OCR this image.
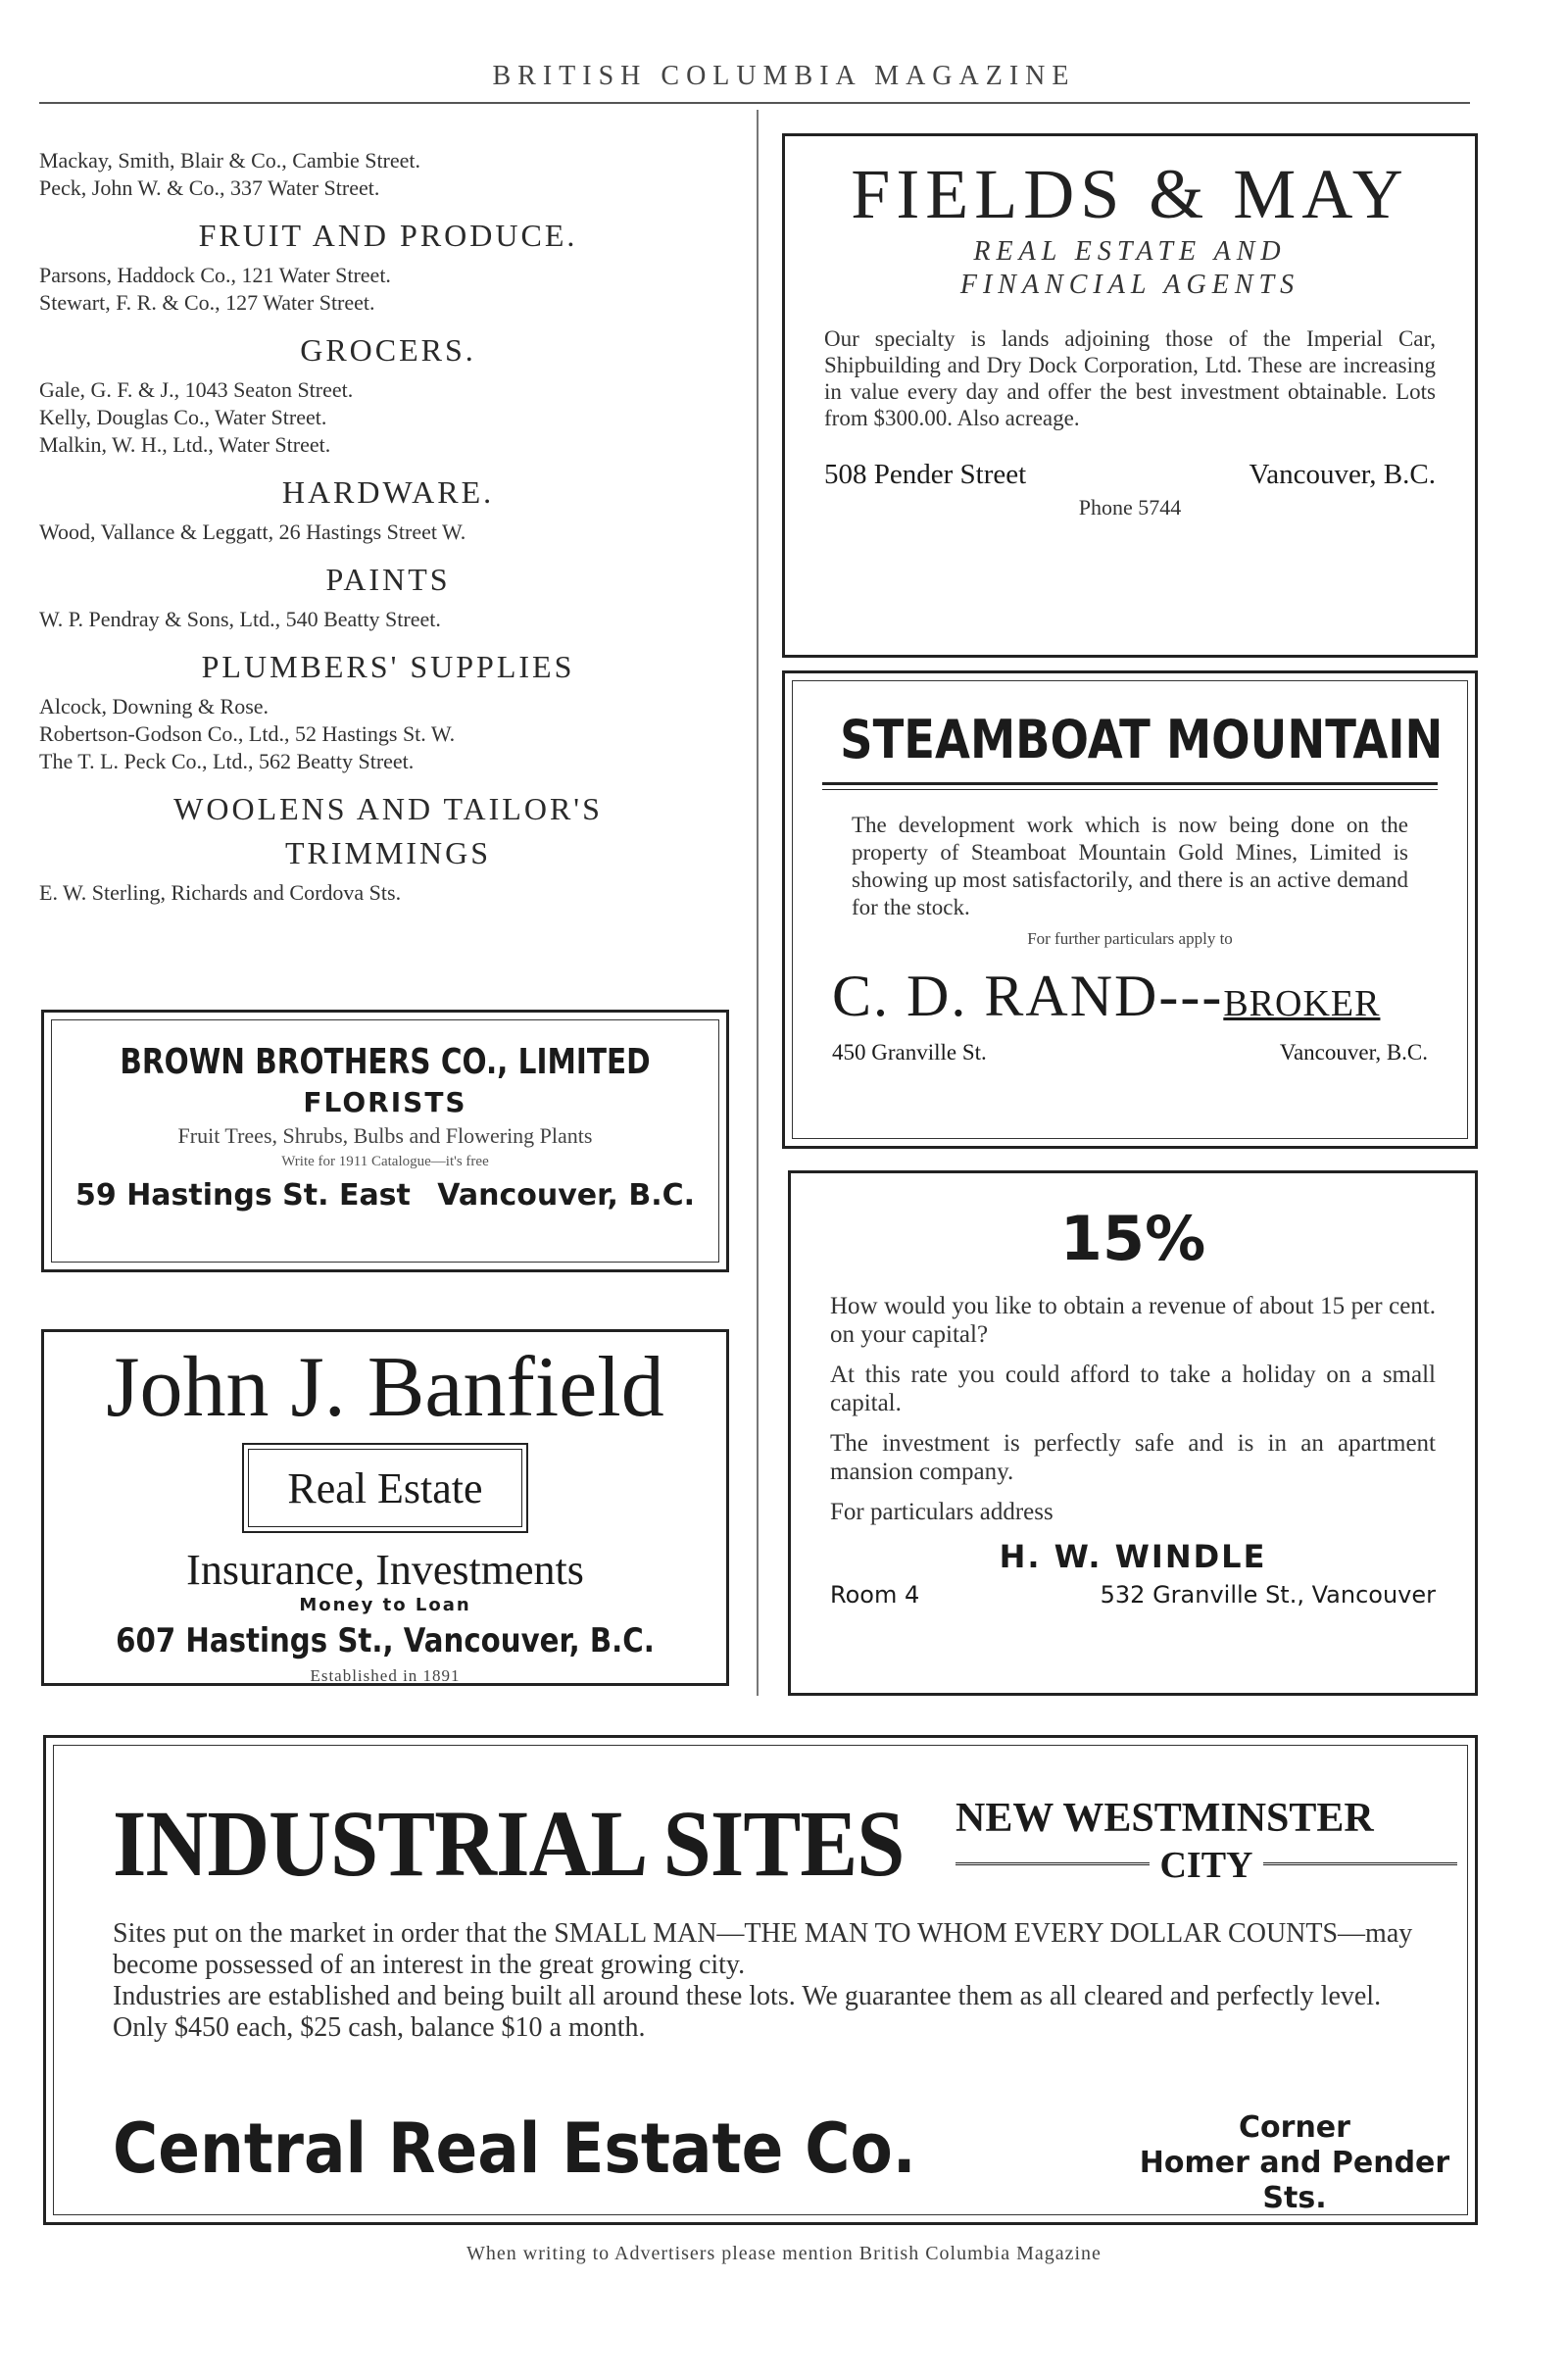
BRITISH COLUMBIA MAGAZINE
Mackay, Smith, Blair & Co., Cambie Street.
Peck, John W. & Co., 337 Water Street.
FRUIT AND PRODUCE.
Parsons, Haddock Co., 121 Water Street.
Stewart, F. R. & Co., 127 Water Street.
GROCERS.
Gale, G. F. & J., 1043 Seaton Street.
Kelly, Douglas Co., Water Street.
Malkin, W. H., Ltd., Water Street.
HARDWARE.
Wood, Vallance & Leggatt, 26 Hastings Street W.
PAINTS
W. P. Pendray & Sons, Ltd., 540 Beatty Street.
PLUMBERS' SUPPLIES
Alcock, Downing & Rose.
Robertson-Godson Co., Ltd., 52 Hastings St. W.
The T. L. Peck Co., Ltd., 562 Beatty Street.
WOOLENS AND TAILOR'S
TRIMMINGS
E. W. Sterling, Richards and Cordova Sts.
FIELDS & MAY
REAL ESTATE AND
FINANCIAL AGENTS
Our specialty is lands adjoining those of the Imperial Car, Shipbuilding and Dry Dock Corporation, Ltd. These are increasing in value every day and offer the best investment obtainable. Lots from $300.00. Also acreage.
508 Pender Street	Vancouver, B.C.
Phone 5744
STEAMBOAT MOUNTAIN
The development work which is now being done on the property of Steamboat Mountain Gold Mines, Limited is showing up most satisfactorily, and there is an active demand for the stock.
For further particulars apply to
C. D. RAND---BROKER
450 Granville St.	Vancouver, B.C.
15%

How would you like to obtain a revenue of about 15 per cent. on your capital?

At this rate you could afford to take a holiday on a small capital.

The investment is perfectly safe and is in an apartment mansion company.

For particulars address

H. W. WINDLE
Room 4	532 Granville St., Vancouver
BROWN BROTHERS CO., LIMITED
FLORISTS
Fruit Trees, Shrubs, Bulbs and Flowering Plants
Write for 1911 Catalogue—it's free
59 Hastings St. East Vancouver, B.C.
John J. Banfield
Real Estate
Insurance, Investments
Money to Loan
607 Hastings St., Vancouver, B.C.
Established in 1891
INDUSTRIAL SITES NEW WESTMINSTER
CITY

Sites put on the market in order that the SMALL MAN—THE MAN TO WHOM EVERY DOLLAR COUNTS—may become possessed of an interest in the great growing city.

Industries are established and being built all around these lots. We guarantee them as all cleared and perfectly level.

Only $450 each, $25 cash, balance $10 a month.

Central Real Estate Co.	Corner
Homer and Pender Sts.
When writing to Advertisers please mention British Columbia Magazine
